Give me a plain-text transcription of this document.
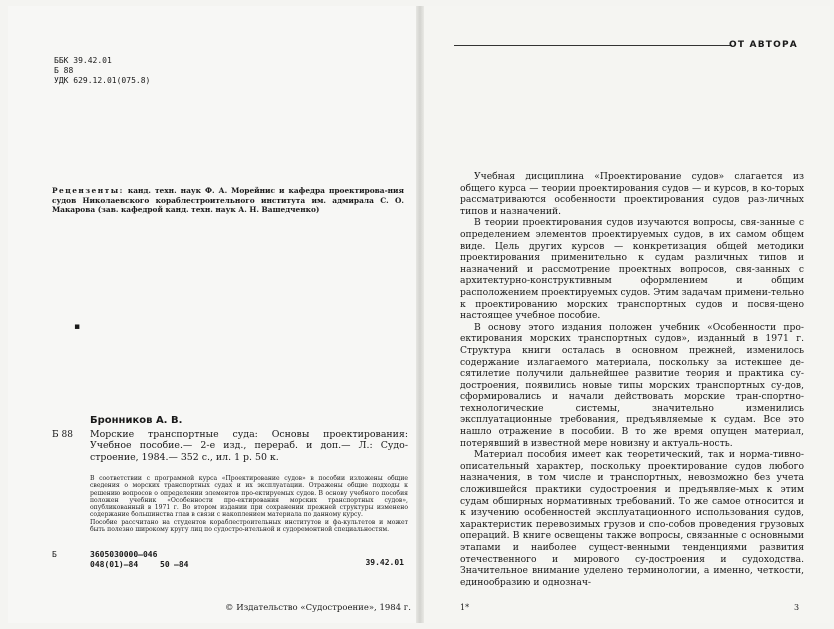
ББК 39.42.01
Б 88
УДК 629.12.01(075.8)
Рецензенты: канд. техн. наук Ф. А. Морейнис и кафедра проектирова-ния судов Николаевского кораблестроительного института им. адмирала С. О. Макарова (зав. кафедрой канд. техн. наук А. Н. Вашедченко)
▪
Бронников А. В.
Б 88 Морские транспортные суда: Основы проектирования: Учебное пособие.— 2-е изд., перераб. и доп.— Л.: Судо-строение, 1984.— 352 с., ил. 1 р. 50 к.
В соответствии с программой курса «Проектирование судов» в пособии изложены общие сведения о морских транспортных судах и их эксплуатации. Отражены общие подходы к решению вопросов о определении элементов про-ектируемых судов. В основу учебного пособия положен учебник «Особенности про-ектирования морских транспортных судов», опубликованный в 1971 г. Во втором издании при сохранении прежней структуры изменено содержание большинства глав в связи с накоплением материала по данному курсу.
Пособие рассчитано на студентов кораблестроительных институтов и фа-культетов и может быть полезно широкому кругу лиц по судостро-ительной и судоремонтной специальностям.
Б	3605030000—046
048(01)—84	50 —84	39.42.01
© Издательство «Судостроение», 1984 г.
ОТ АВТОРА

Учебная дисциплина «Проектирование судов» слагается из общего курса — теории проектирования судов — и курсов, в ко-торых рассматриваются особенности проектирования судов раз-личных типов и назначений.

В теории проектирования судов изучаются вопросы, свя-занные с определением элементов проектируемых судов, в их самом общем виде. Цель других курсов — конкретизация общей методики проектирования применительно к судам различных типов и назначений и рассмотрение проектных вопросов, свя-занных с архитектурно-конструктивным оформлением и общим расположением проектируемых судов. Этим задачам примени-тельно к проектированию морских транспортных судов и посвя-щено настоящее учебное пособие.

В основу этого издания положен учебник «Особенности про-ектирования морских транспортных судов», изданный в 1971 г. Структура книги осталась в основном прежней, изменилось содержание излагаемого материала, поскольку за истекшее де-сятилетие получили дальнейшее развитие теория и практика су-достроения, появились новые типы морских транспортных су-дов, сформировались и начали действовать морские тран-спортно-технологические системы, значительно изменились эксплуатационные требования, предъявляемые к судам. Все это нашло отражение в пособии. В то же время опущен материал, потерявший в известной мере новизну и актуаль-ность.

Материал пособия имеет как теоретический, так и норма-тивно-описательный характер, поскольку проектирование судов любого назначения, в том числе и транспортных, невозможно без учета сложившейся практики судостроения и предъявляе-мых к этим судам обширных нормативных требований. То же самое относится и к изучению особенностей эксплуатационного использования судов, характеристик перевозимых грузов и спо-собов проведения грузовых операций. В книге освещены также вопросы, связанные с основными этапами и наиболее сущест-венными тенденциями развития отечественного и мирового су-достроения и судоходства. Значительное внимание уделено терминологии, а именно, четкости, единообразию и однознач-

1*	3
